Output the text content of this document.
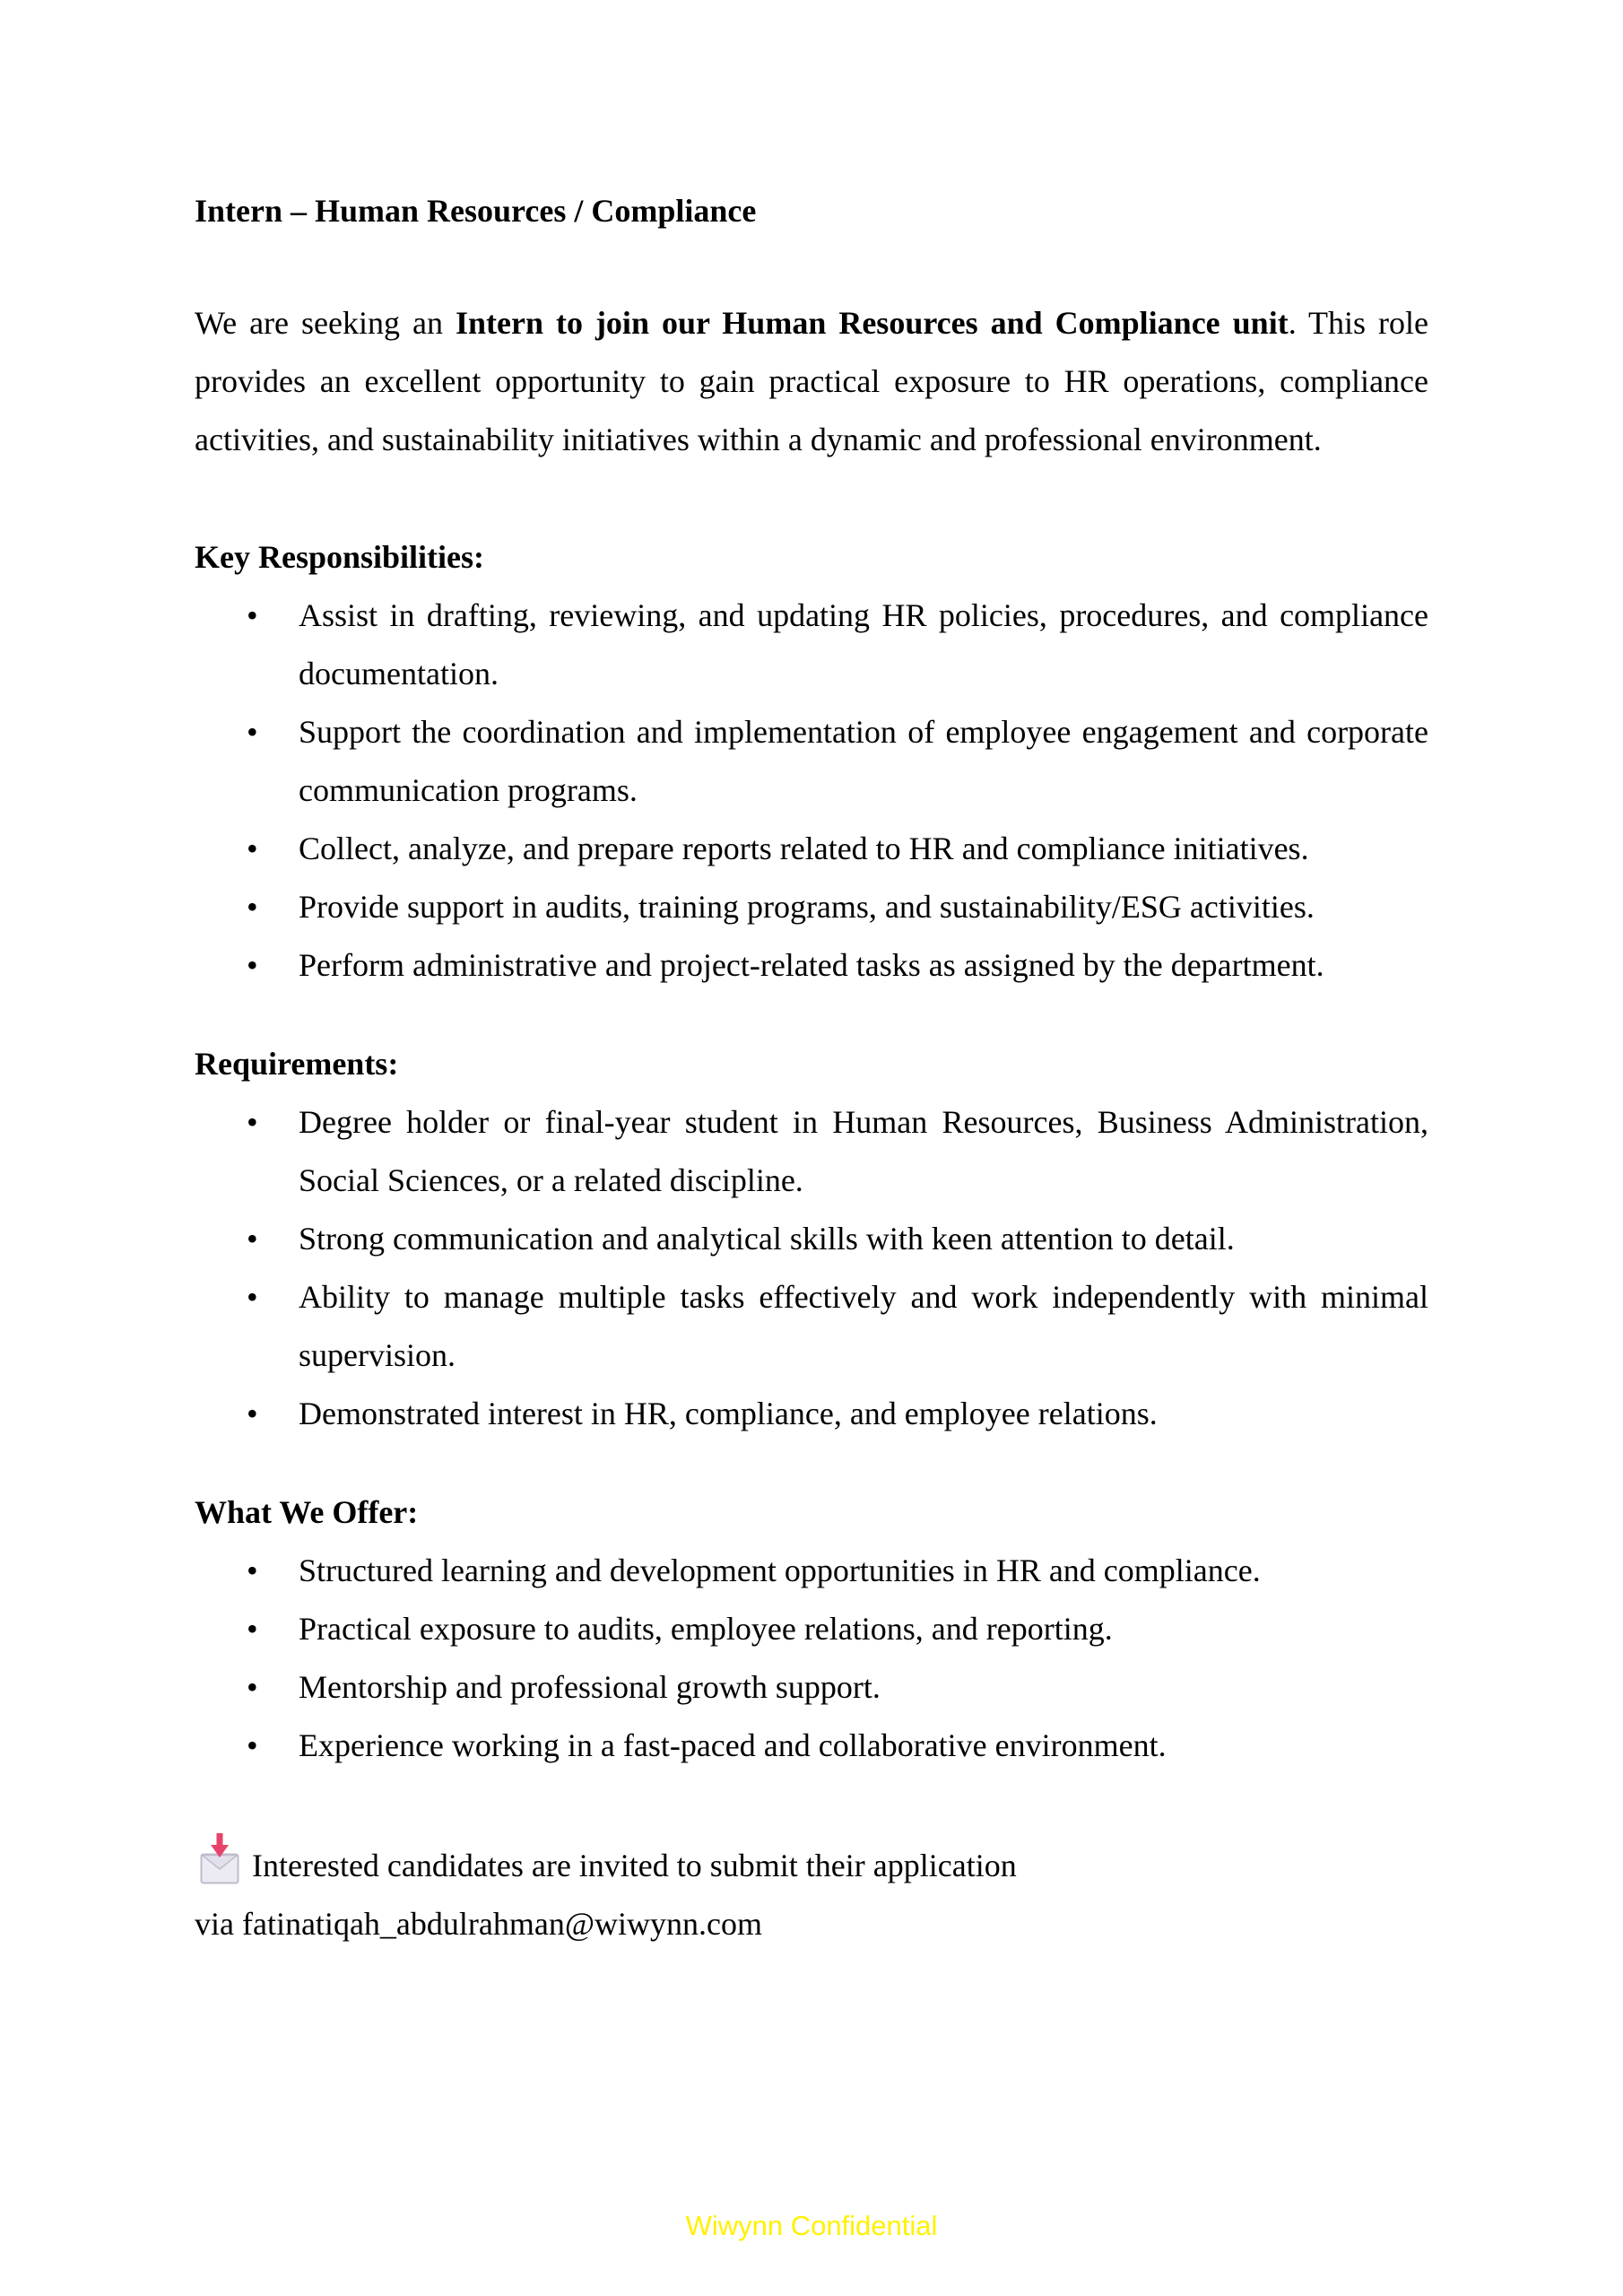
Intern – Human Resources / Compliance

We are seeking an Intern to join our Human Resources and Compliance unit. This role provides an excellent opportunity to gain practical exposure to HR operations, compliance activities, and sustainability initiatives within a dynamic and professional environment.

Key Responsibilities:

• Assist in drafting, reviewing, and updating HR policies, procedures, and compliance documentation.
• Support the coordination and implementation of employee engagement and corporate communication programs.
• Collect, analyze, and prepare reports related to HR and compliance initiatives.
• Provide support in audits, training programs, and sustainability/ESG activities.
• Perform administrative and project-related tasks as assigned by the department.

Requirements:

• Degree holder or final-year student in Human Resources, Business Administration, Social Sciences, or a related discipline.
• Strong communication and analytical skills with keen attention to detail.
• Ability to manage multiple tasks effectively and work independently with minimal supervision.
• Demonstrated interest in HR, compliance, and employee relations.

What We Offer:

• Structured learning and development opportunities in HR and compliance.
• Practical exposure to audits, employee relations, and reporting.
• Mentorship and professional growth support.
• Experience working in a fast-paced and collaborative environment.

Interested candidates are invited to submit their application via fatinatiqah_abdulrahman@wiwynn.com

Wiwynn Confidential
